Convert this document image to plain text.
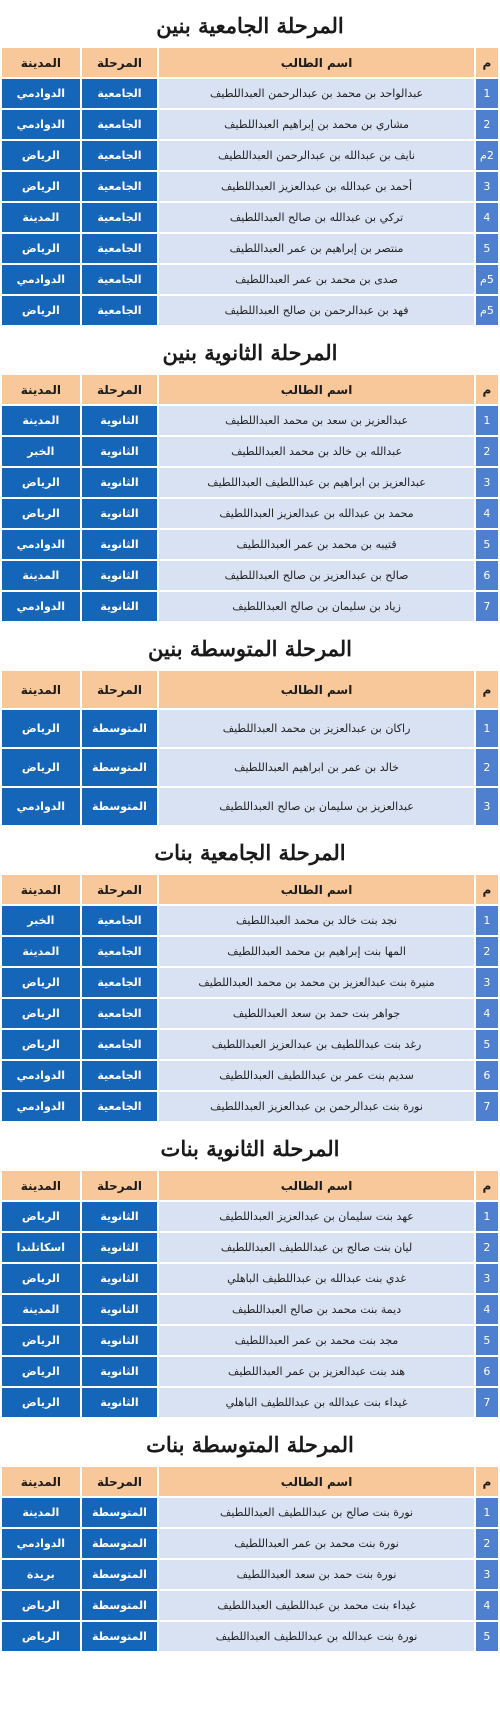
المرحلة الجامعية بنين
م	اسم الطالب	المرحلة	المدينة
1	عبدالواحد بن محمد بن عبدالرحمن العبداللطيف	الجامعية	الدوادمي
2	مشاري بن محمد بن إبراهيم العبداللطيف	الجامعية	الدوادمي
2م	نايف بن عبدالله بن عبدالرحمن العبداللطيف	الجامعية	الرياض
3	أحمد بن عبدالله بن عبدالعزيز العبداللطيف	الجامعية	الرياض
4	تركي بن عبدالله بن صالح العبداللطيف	الجامعية	المدينة
5	منتصر بن إبراهيم بن عمر العبداللطيف	الجامعية	الرياض
5م	صدى بن محمد بن عمر العبداللطيف	الجامعية	الدوادمي
5م	فهد بن عبدالرحمن بن صالح العبداللطيف	الجامعية	الرياض
المرحلة الثانوية بنين
م	اسم الطالب	المرحلة	المدينة
1	عبدالعزيز بن سعد بن محمد العبداللطيف	الثانوية	المدينة
2	عبدالله بن خالد بن محمد العبداللطيف	الثانوية	الخبر
3	عبدالعزيز بن ابراهيم بن عبداللطيف العبداللطيف	الثانوية	الرياض
4	محمد بن عبدالله بن عبدالعزيز العبداللطيف	الثانوية	الرياض
5	قتيبه بن محمد بن عمر العبداللطيف	الثانوية	الدوادمي
6	صالح بن عبدالعزيز بن صالح العبداللطيف	الثانوية	المدينة
7	زياد بن سليمان بن صالح العبداللطيف	الثانوية	الدوادمي
المرحلة المتوسطة بنين
م	اسم الطالب	المرحلة	المدينة
1	راكان بن عبدالعزيز بن محمد العبداللطيف	المتوسطة	الرياض
2	خالد بن عمر بن ابراهيم العبداللطيف	المتوسطة	الرياض
3	عبدالعزيز بن سليمان بن صالح العبداللطيف	المتوسطة	الدوادمي
المرحلة الجامعية بنات
م	اسم الطالب	المرحلة	المدينة
1	نجد بنت خالد بن محمد العبداللطيف	الجامعية	الخبر
2	المها بنت إبراهيم بن محمد العبداللطيف	الجامعية	المدينة
3	منيرة بنت عبدالعزيز بن محمد بن محمد العبداللطيف	الجامعية	الرياض
4	جواهر بنت حمد بن سعد العبداللطيف	الجامعية	الرياض
5	رغد بنت عبداللطيف بن عبدالعزيز العبداللطيف	الجامعية	الرياض
6	سديم بنت عمر بن عبداللطيف العبداللطيف	الجامعية	الدوادمي
7	نورة بنت عبدالرحمن بن عبدالعزيز العبداللطيف	الجامعية	الدوادمي
المرحلة الثانوية بنات
م	اسم الطالب	المرحلة	المدينة
1	عهد بنت سليمان بن عبدالعزيز العبداللطيف	الثانوية	الرياض
2	ليان بنت صالح بن عبداللطيف العبداللطيف	الثانوية	اسكاتلندا
3	غدي بنت عبدالله بن عبداللطيف الباهلي	الثانوية	الرياض
4	ديمة بنت محمد بن صالح العبداللطيف	الثانوية	المدينة
5	مجد بنت محمد بن عمر العبداللطيف	الثانوية	الرياض
6	هند بنت عبدالعزيز بن عمر العبداللطيف	الثانوية	الرياض
7	غيداء بنت عبدالله بن عبداللطيف الباهلي	الثانوية	الرياض
المرحلة المتوسطة بنات
م	اسم الطالب	المرحلة	المدينة
1	نورة بنت صالح بن عبداللطيف العبداللطيف	المتوسطة	المدينة
2	نورة بنت محمد بن عمر العبداللطيف	المتوسطة	الدوادمي
3	نورة بنت حمد بن سعد العبداللطيف	المتوسطة	بريدة
4	غيداء بنت محمد بن عبداللطيف العبداللطيف	المتوسطة	الرياض
5	نورة بنت عبدالله بن عبداللطيف العبداللطيف	المتوسطة	الرياض
